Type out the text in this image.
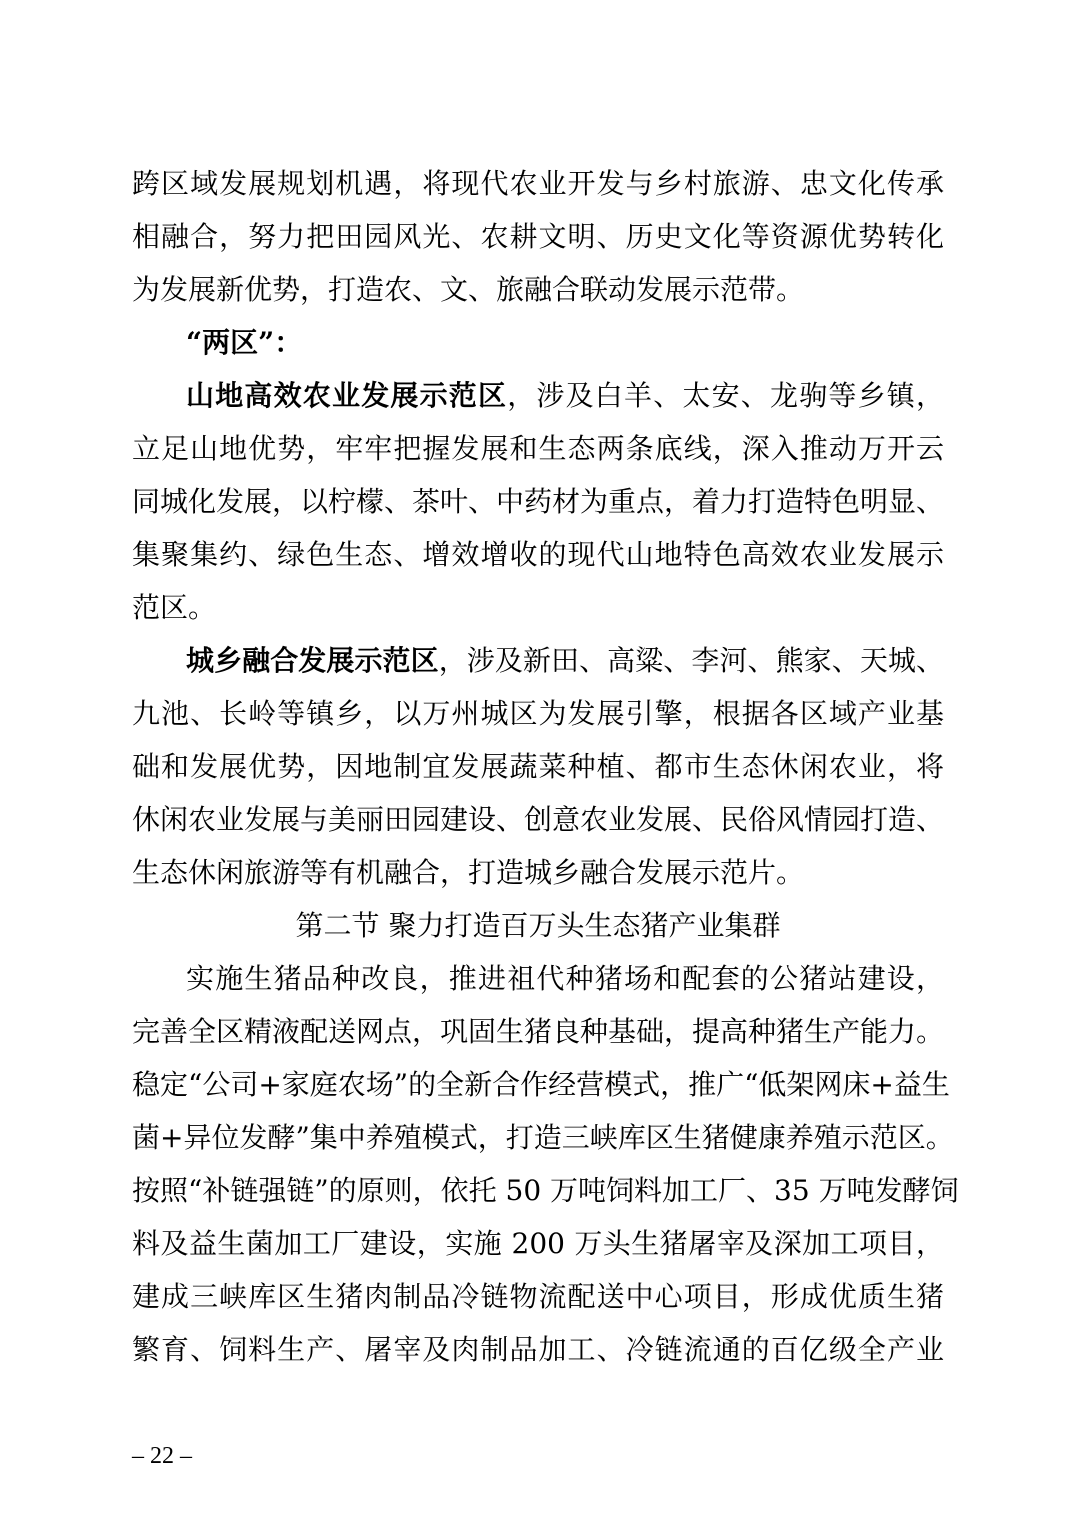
跨区域发展规划机遇，将现代农业开发与乡村旅游、忠文化传承
相融合，努力把田园风光、农耕文明、历史文化等资源优势转化
为发展新优势，打造农、文、旅融合联动发展示范带。
“两区”：
山地高效农业发展示范区，涉及白羊、太安、龙驹等乡镇，
立足山地优势，牢牢把握发展和生态两条底线，深入推动万开云
同城化发展，以柠檬、茶叶、中药材为重点，着力打造特色明显、
集聚集约、绿色生态、增效增收的现代山地特色高效农业发展示
范区。
城乡融合发展示范区，涉及新田、高粱、李河、熊家、天城、
九池、长岭等镇乡，以万州城区为发展引擎，根据各区域产业基
础和发展优势，因地制宜发展蔬菜种植、都市生态休闲农业，将
休闲农业发展与美丽田园建设、创意农业发展、民俗风情园打造、
生态休闲旅游等有机融合，打造城乡融合发展示范片。
第二节 聚力打造百万头生态猪产业集群
实施生猪品种改良，推进祖代种猪场和配套的公猪站建设，
完善全区精液配送网点，巩固生猪良种基础，提高种猪生产能力。
稳定“公司+家庭农场”的全新合作经营模式，推广“低架网床+益生
菌+异位发酵”集中养殖模式，打造三峡库区生猪健康养殖示范区。
按照“补链强链”的原则，依托 50 万吨饲料加工厂、35 万吨发酵饲
料及益生菌加工厂建设，实施 200 万头生猪屠宰及深加工项目，
建成三峡库区生猪肉制品冷链物流配送中心项目，形成优质生猪
繁育、饲料生产、屠宰及肉制品加工、冷链流通的百亿级全产业
– 22 –
